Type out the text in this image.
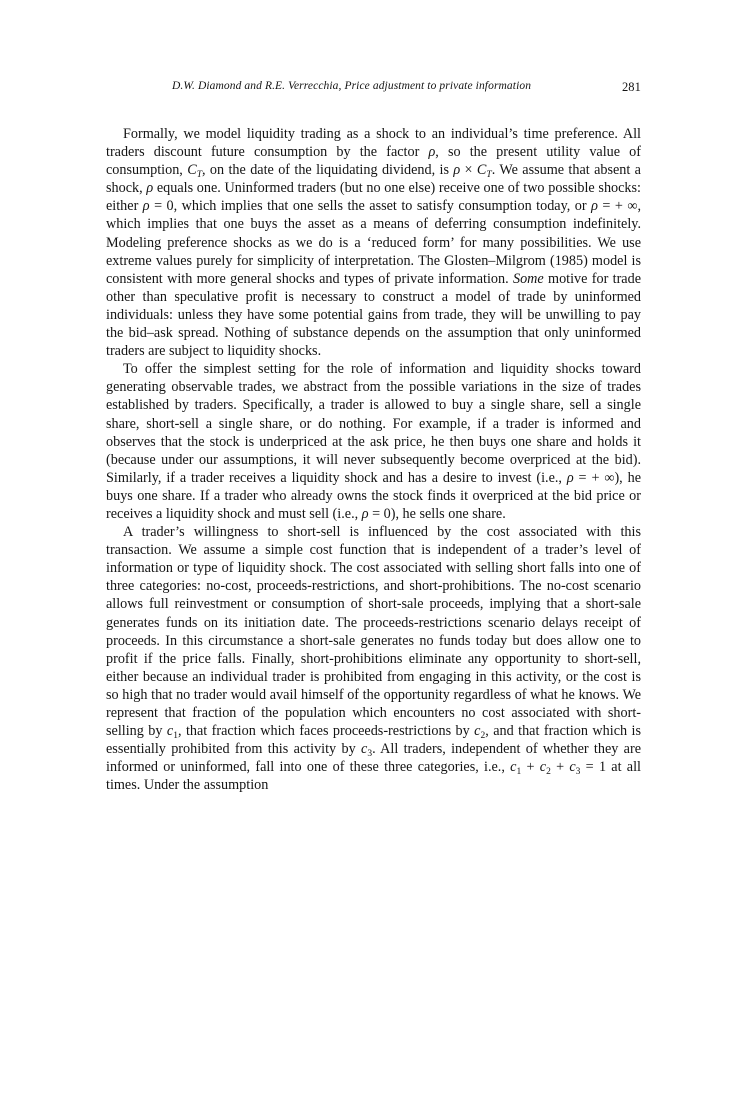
D.W. Diamond and R.E. Verrecchia, Price adjustment to private information	281

Formally, we model liquidity trading as a shock to an individual’s time preference. All traders discount future consumption by the factor ρ, so the present utility value of consumption, $C_T$, on the date of the liquidating dividend, is $\rho \times C_T$. We assume that absent a shock, ρ equals one. Uninformed traders (but no one else) receive one of two possible shocks: either ρ = 0, which implies that one sells the asset to satisfy consumption today, or ρ = + ∞, which implies that one buys the asset as a means of deferring consumption indefinitely. Modeling preference shocks as we do is a ‘reduced form’ for many possibilities. We use extreme values purely for simplicity of interpretation. The Glosten–Milgrom (1985) model is consistent with more general shocks and types of private information. Some motive for trade other than speculative profit is necessary to construct a model of trade by uninformed individuals: unless they have some potential gains from trade, they will be unwilling to pay the bid–ask spread. Nothing of substance depends on the assumption that only uninformed traders are subject to liquidity shocks.

To offer the simplest setting for the role of information and liquidity shocks toward generating observable trades, we abstract from the possible variations in the size of trades established by traders. Specifically, a trader is allowed to buy a single share, sell a single share, short-sell a single share, or do nothing. For example, if a trader is informed and observes that the stock is underpriced at the ask price, he then buys one share and holds it (because under our assumptions, it will never subsequently become overpriced at the bid). Similarly, if a trader receives a liquidity shock and has a desire to invest (i.e., ρ = + ∞), he buys one share. If a trader who already owns the stock finds it overpriced at the bid price or receives a liquidity shock and must sell (i.e., ρ = 0), he sells one share.

A trader’s willingness to short-sell is influenced by the cost associated with this transaction. We assume a simple cost function that is independent of a trader’s level of information or type of liquidity shock. The cost associated with selling short falls into one of three categories: no-cost, proceeds-restrictions, and short-prohibitions. The no-cost scenario allows full reinvestment or consumption of short-sale proceeds, implying that a short-sale generates funds on its initiation date. The proceeds-restrictions scenario delays receipt of proceeds. In this circumstance a short-sale generates no funds today but does allow one to profit if the price falls. Finally, short-prohibitions eliminate any opportunity to short-sell, either because an individual trader is prohibited from engaging in this activity, or the cost is so high that no trader would avail himself of the opportunity regardless of what he knows. We represent that fraction of the population which encounters no cost associated with short-selling by $c_1$, that fraction which faces proceeds-restrictions by $c_2$, and that fraction which is essentially prohibited from this activity by $c_3$. All traders, independent of whether they are informed or uninformed, fall into one of these three categories, i.e., $c_1 + c_2 + c_3 = 1$ at all times. Under the assumption
